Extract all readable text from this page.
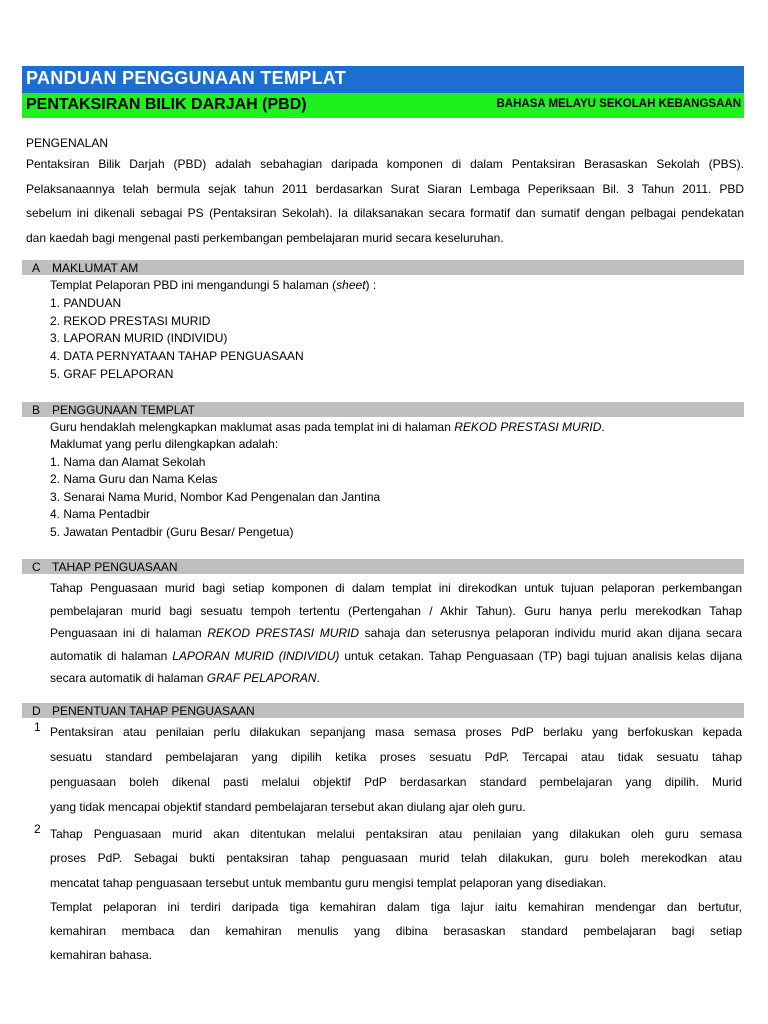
PANDUAN PENGGUNAAN TEMPLAT
PENTAKSIRAN BILIK DARJAH (PBD)	BAHASA MELAYU SEKOLAH KEBANGSAAN
PENGENALAN

Pentaksiran Bilik Darjah (PBD) adalah sebahagian daripada komponen di dalam Pentaksiran Berasaskan Sekolah (PBS).

Pelaksanaannya telah bermula sejak tahun 2011 berdasarkan Surat Siaran Lembaga Peperiksaan Bil. 3 Tahun 2011. PBD

sebelum ini dikenali sebagai PS (Pentaksiran Sekolah). Ia dilaksanakan secara formatif dan sumatif dengan pelbagai pendekatan

dan kaedah bagi mengenal pasti perkembangan pembelajaran murid secara keseluruhan.

A MAKLUMAT AM
Templat Pelaporan PBD ini mengandungi 5 halaman (sheet) :
1. PANDUAN
2. REKOD PRESTASI MURID
3. LAPORAN MURID (INDIVIDU)
4. DATA PERNYATAAN TAHAP PENGUASAAN
5. GRAF PELAPORAN
B PENGGUNAAN TEMPLAT
Guru hendaklah melengkapkan maklumat asas pada templat ini di halaman REKOD PRESTASI MURID.
Maklumat yang perlu dilengkapkan adalah:
1. Nama dan Alamat Sekolah
2. Nama Guru dan Nama Kelas
3. Senarai Nama Murid, Nombor Kad Pengenalan dan Jantina
4. Nama Pentadbir
5. Jawatan Pentadbir (Guru Besar/ Pengetua)
C TAHAP PENGUASAAN

Tahap Penguasaan murid bagi setiap komponen di dalam templat ini direkodkan untuk tujuan pelaporan perkembangan

pembelajaran murid bagi sesuatu tempoh tertentu (Pertengahan / Akhir Tahun). Guru hanya perlu merekodkan Tahap

Penguasaan ini di halaman REKOD PRESTASI MURID sahaja dan seterusnya pelaporan individu murid akan dijana secara

automatik di halaman LAPORAN MURID (INDIVIDU) untuk cetakan. Tahap Penguasaan (TP) bagi tujuan analisis kelas dijana

secara automatik di halaman GRAF PELAPORAN.

D PENENTUAN TAHAP PENGUASAAN
1 Pentaksiran atau penilaian perlu dilakukan sepanjang masa semasa proses PdP berlaku yang berfokuskan kepada

sesuatu standard pembelajaran yang dipilih ketika proses sesuatu PdP. Tercapai atau tidak sesuatu tahap

penguasaan boleh dikenal pasti melalui objektif PdP berdasarkan standard pembelajaran yang dipilih. Murid

yang tidak mencapai objektif standard pembelajaran tersebut akan diulang ajar oleh guru.

2 Tahap Penguasaan murid akan ditentukan melalui pentaksiran atau penilaian yang dilakukan oleh guru semasa

proses PdP. Sebagai bukti pentaksiran tahap penguasaan murid telah dilakukan, guru boleh merekodkan atau

mencatat tahap penguasaan tersebut untuk membantu guru mengisi templat pelaporan yang disediakan.

Templat pelaporan ini terdiri daripada tiga kemahiran dalam tiga lajur iaitu kemahiran mendengar dan bertutur,

kemahiran membaca dan kemahiran menulis yang dibina berasaskan standard pembelajaran bagi setiap

kemahiran bahasa.
